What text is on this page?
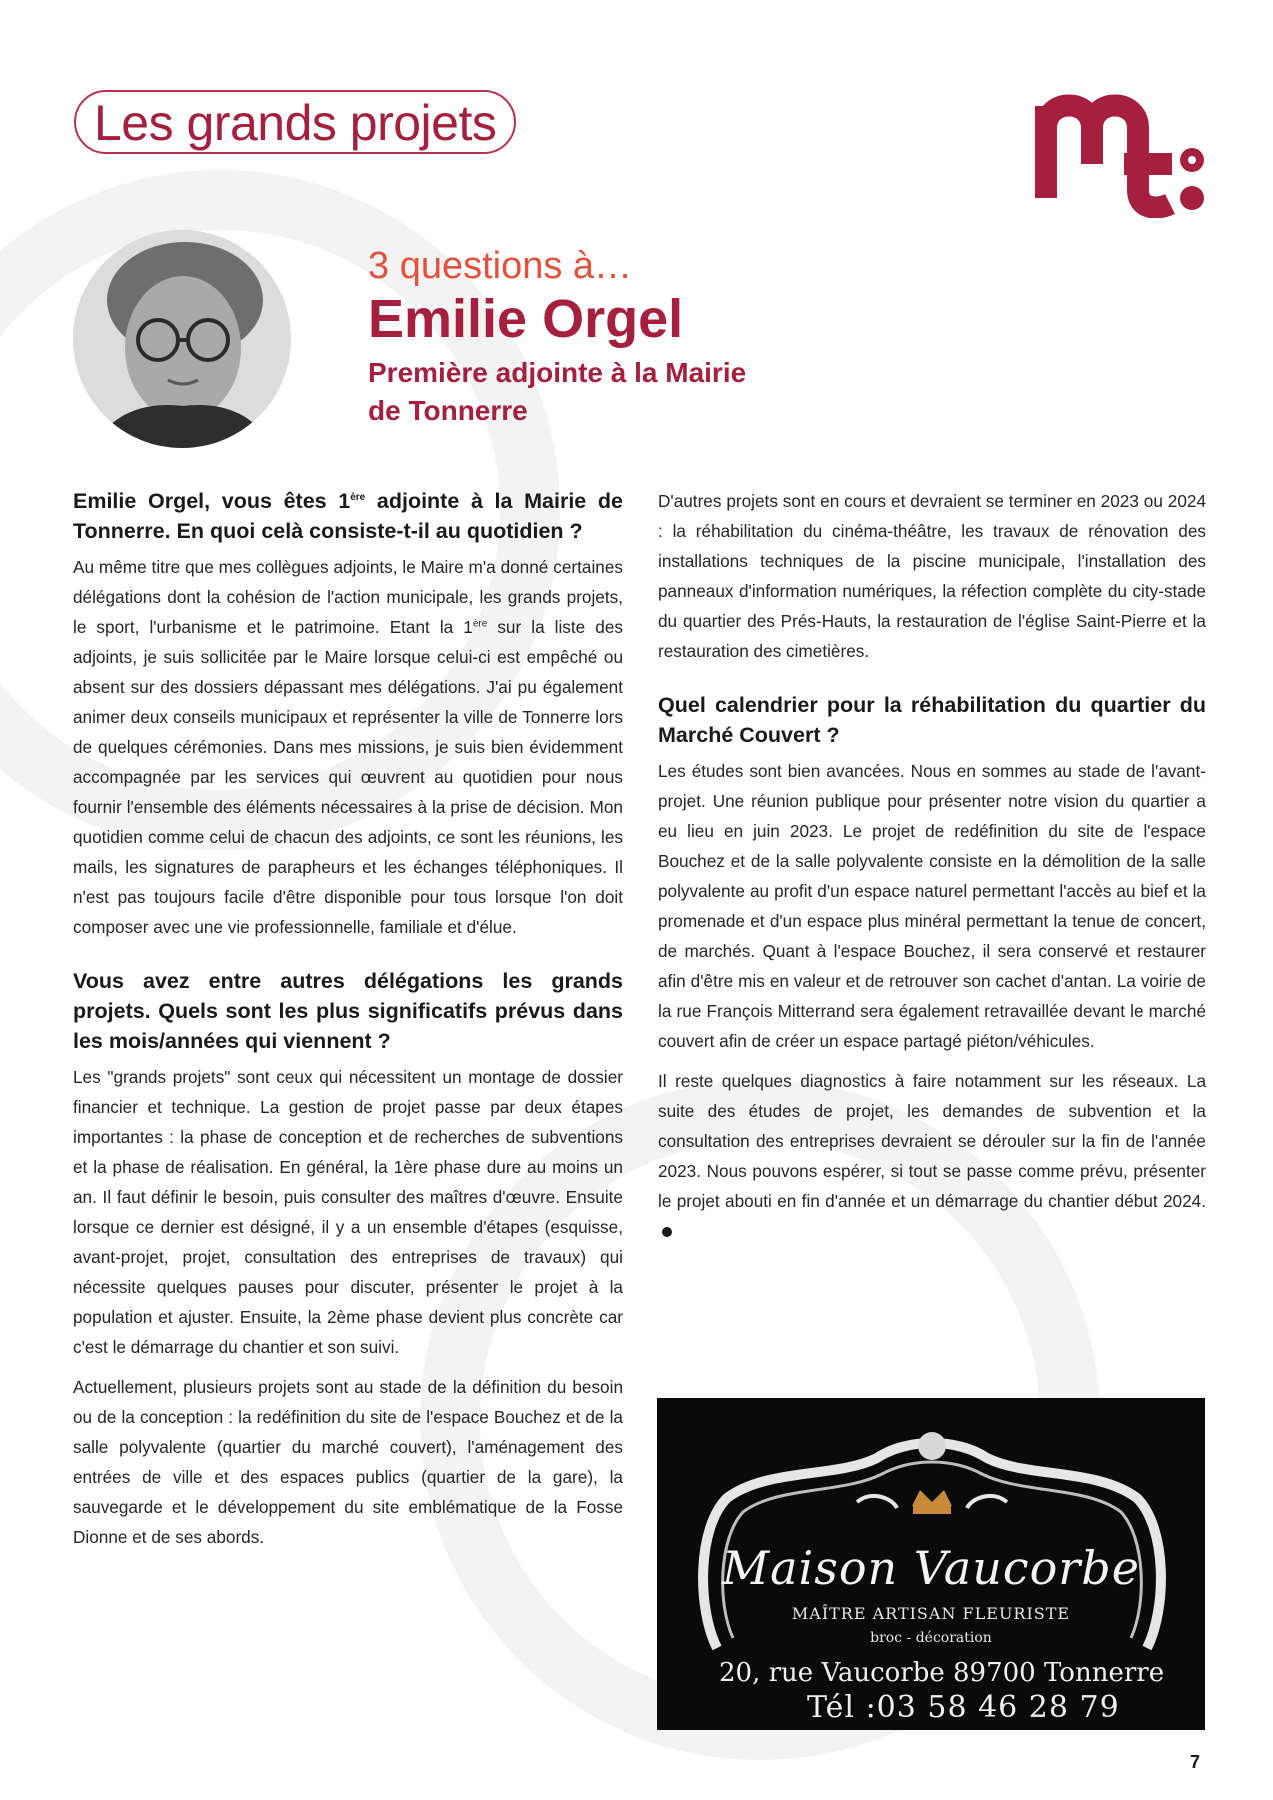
Les grands projets

3 questions à…

Emilie Orgel

Première adjointe à la Mairie
de Tonnerre

Emilie Orgel, vous êtes 1ère adjointe à la Mairie de Tonnerre. En quoi celà consiste-t-il au quotidien ?

Au même titre que mes collègues adjoints, le Maire m'a donné certaines délégations dont la cohésion de l'action municipale, les grands projets, le sport, l'urbanisme et le patrimoine. Etant la 1ère sur la liste des adjoints, je suis sollicitée par le Maire lorsque celui-ci est empêché ou absent sur des dossiers dépassant mes délégations. J'ai pu également animer deux conseils municipaux et représenter la ville de Tonnerre lors de quelques cérémonies. Dans mes missions, je suis bien évidemment accompagnée par les services qui œuvrent au quotidien pour nous fournir l'ensemble des éléments nécessaires à la prise de décision. Mon quotidien comme celui de chacun des adjoints, ce sont les réunions, les mails, les signatures de parapheurs et les échanges téléphoniques. Il n'est pas toujours facile d'être disponible pour tous lorsque l'on doit composer avec une vie professionnelle, familiale et d'élue.

Vous avez entre autres délégations les grands projets. Quels sont les plus significatifs prévus dans les mois/années qui viennent ?

Les "grands projets" sont ceux qui nécessitent un montage de dossier financier et technique. La gestion de projet passe par deux étapes importantes : la phase de conception et de recherches de subventions et la phase de réalisation. En général, la 1ère phase dure au moins un an. Il faut définir le besoin, puis consulter des maîtres d'œuvre. Ensuite lorsque ce dernier est désigné, il y a un ensemble d'étapes (esquisse, avant-projet, projet, consultation des entreprises de travaux) qui nécessite quelques pauses pour discuter, présenter le projet à la population et ajuster. Ensuite, la 2ème phase devient plus concrète car c'est le démarrage du chantier et son suivi.

Actuellement, plusieurs projets sont au stade de la définition du besoin ou de la conception : la redéfinition du site de l'espace Bouchez et de la salle polyvalente (quartier du marché couvert), l'aménagement des entrées de ville et des espaces publics (quartier de la gare), la sauvegarde et le développement du site emblématique de la Fosse Dionne et de ses abords.

D'autres projets sont en cours et devraient se terminer en 2023 ou 2024 : la réhabilitation du cinéma-théâtre, les travaux de rénovation des installations techniques de la piscine municipale, l'installation des panneaux d'information numériques, la réfection complète du city-stade du quartier des Prés-Hauts, la restauration de l'église Saint-Pierre et la restauration des cimetières.

Quel calendrier pour la réhabilitation du quartier du Marché Couvert ?

Les études sont bien avancées. Nous en sommes au stade de l'avant-projet. Une réunion publique pour présenter notre vision du quartier a eu lieu en juin 2023. Le projet de redéfinition du site de l'espace Bouchez et de la salle polyvalente consiste en la démolition de la salle polyvalente au profit d'un espace naturel permettant l'accès au bief et la promenade et d'un espace plus minéral permettant la tenue de concert, de marchés. Quant à l'espace Bouchez, il sera conservé et restaurer afin d'être mis en valeur et de retrouver son cachet d'antan. La voirie de la rue François Mitterrand sera également retravaillée devant le marché couvert afin de créer un espace partagé piéton/véhicules.

Il reste quelques diagnostics à faire notamment sur les réseaux. La suite des études de projet, les demandes de subvention et la consultation des entreprises devraient se dérouler sur la fin de l'année 2023. Nous pouvons espérer, si tout se passe comme prévu, présenter le projet abouti en fin d'année et un démarrage du chantier début 2024.

Maison Vaucorbe
MAÎTRE ARTISAN FLEURISTE
broc - décoration
20, rue Vaucorbe 89700 Tonnerre
Tél :03 58 46 28 79
7
